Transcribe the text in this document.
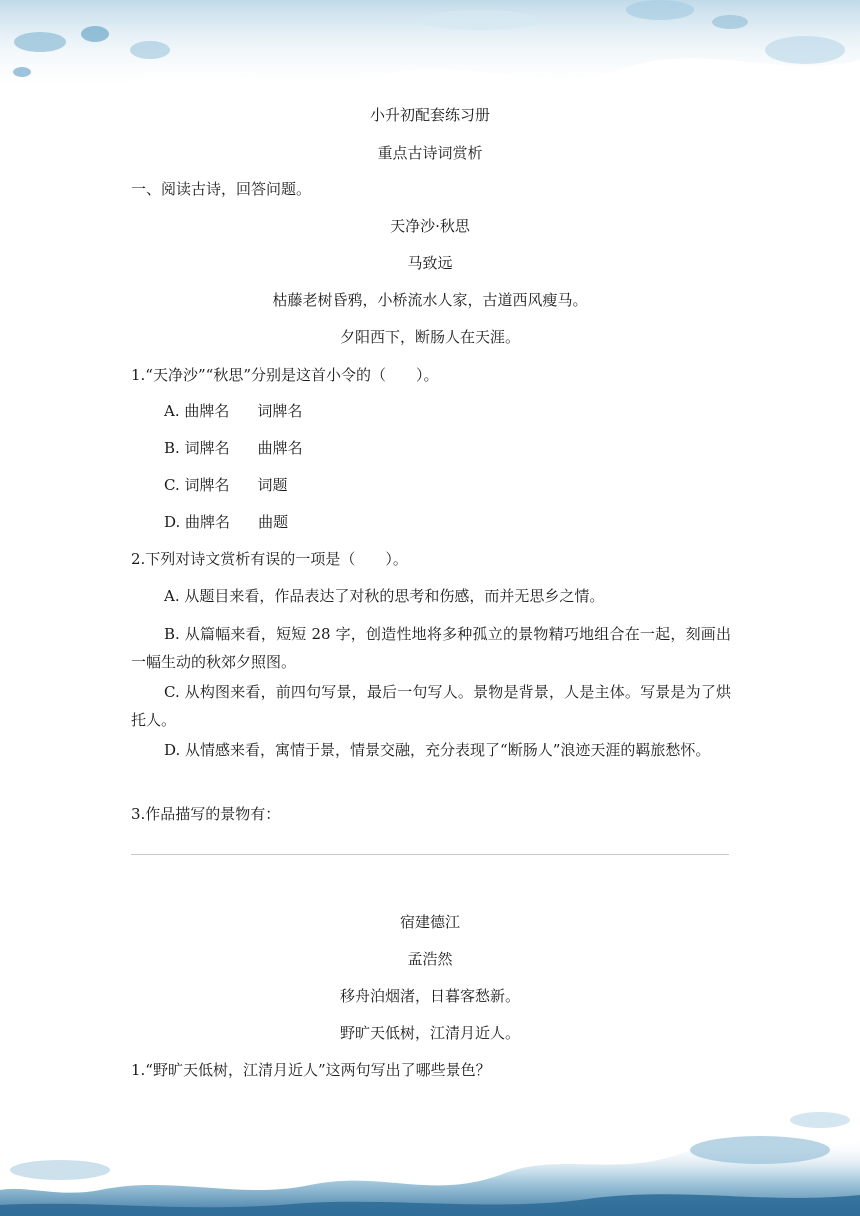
小升初配套练习册
重点古诗词赏析
一、阅读古诗，回答问题。
天净沙·秋思
马致远
枯藤老树昏鸦，小桥流水人家，古道西风瘦马。
夕阳西下，断肠人在天涯。
1.“天净沙”“秋思”分别是这首小令的（　　）。
A. 曲牌名 词牌名
B. 词牌名 曲牌名
C. 词牌名 词题
D. 曲牌名 曲题
2.下列对诗文赏析有误的一项是（　　）。
A. 从题目来看，作品表达了对秋的思考和伤感，而并无思乡之情。
B. 从篇幅来看，短短 28 字，创造性地将多种孤立的景物精巧地组合在一起，刻画出一幅生动的秋郊夕照图。
C. 从构图来看，前四句写景，最后一句写人。景物是背景，人是主体。写景是为了烘托人。
D. 从情感来看，寓情于景，情景交融，充分表现了“断肠人”浪迹天涯的羁旅愁怀。
3.作品描写的景物有：
宿建德江
孟浩然
移舟泊烟渚，日暮客愁新。
野旷天低树，江清月近人。
1.“野旷天低树，江清月近人”这两句写出了哪些景色？
